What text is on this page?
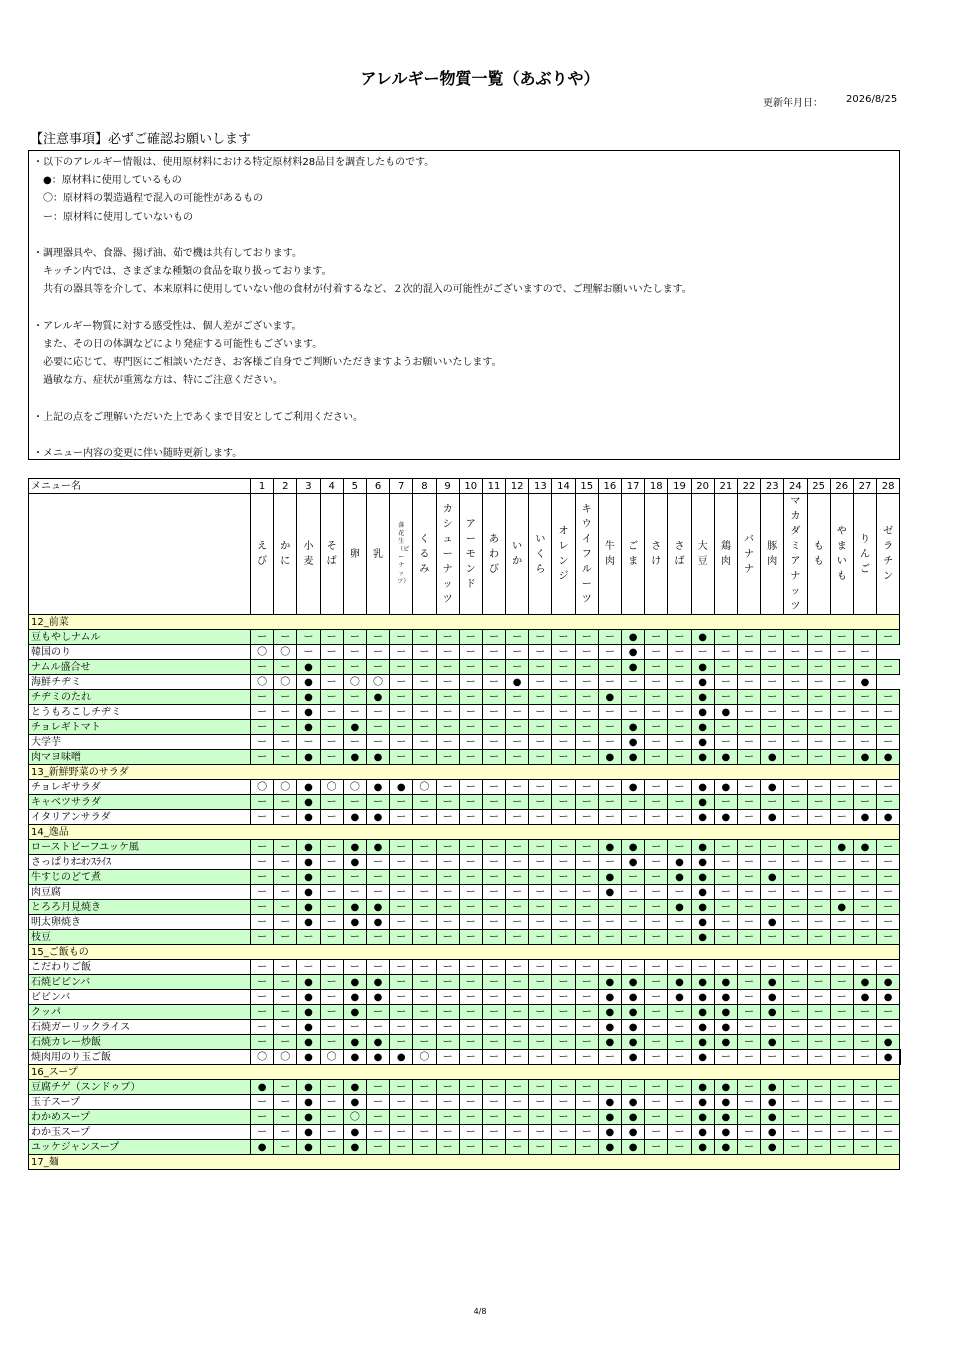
アレルギー物質一覧（あぶりや）
更新年月日： 2026/8/25
【注意事項】必ずご確認お願いします
・以下のアレルギー情報は、使用原材料における特定原材料28品目を調査したものです。
　●：原材料に使用しているもの
　〇：原材料の製造過程で混入の可能性があるもの
　ー：原材料に使用していないもの
・調理器具や、食器、揚げ油、茹で機は共有しております。
　キッチン内では、さまざまな種類の食品を取り扱っております。
　共有の器具等を介して、本来原料に使用していない他の食材が付着するなど、２次的混入の可能性がございますので、ご理解お願いいたします。
・アレルギー物質に対する感受性は、個人差がございます。
　また、その日の体調などにより発症する可能性もございます。
　必要に応じて、専門医にご相談いただき、お客様ご自身でご判断いただきますようお願いいたします。
　過敏な方、症状が重篤な方は、特にご注意ください。
・上記の点をご理解いただいた上であくまで目安としてご利用ください。
・メニュー内容の変更に伴い随時更新します。
メニュー名	1	2	3	4	5	6	7	8	9	10	11	12	13	14	15	16	17	18	19	20	21	22	23	24	25	26	27	28	
	えび	かに	小麦	そば	卵	乳	落花生（ピーナッツ）	くるみ	カシューナッツ	アーモンド	あわび	いか	いくら	オレンジ	キウイフルーツ	牛肉	ごま	さけ	さば	大豆	鶏肉	バナナ	豚肉	マカダミアナッツ	もも	やまいも	りんご	ゼラチン	
12_前菜																													
豆もやしナムル	ー	ー	ー	ー	ー	ー	ー	ー	ー	ー	ー	ー	ー	ー	ー	ー	●	ー	ー	●	ー	ー	ー	ー	ー	ー	ー	ー	
韓国のり	〇	〇	ー	ー	ー	ー	ー	ー	ー	ー	ー	ー	ー	ー	ー	ー	●	ー	ー	ー	ー	ー	ー	ー	ー	ー	ー		
ナムル盛合せ	ー	ー	●	ー	ー	ー	ー	ー	ー	ー	ー	ー	ー	ー	ー	ー	●	ー	ー	●	ー	ー	ー	ー	ー	ー	ー	ー	
海鮮チヂミ	〇	〇	●	ー	〇	〇	ー	ー	ー	ー	ー	●	ー	ー	ー	ー	ー	ー	ー	●	ー	ー	ー	ー	ー	ー	●		
チヂミのたれ	ー	ー	●	ー	ー	●	ー	ー	ー	ー	ー	ー	ー	ー	ー	●	ー	ー	ー	●	ー	ー	ー	ー	ー	ー	ー	ー	
とうもろこしチヂミ	ー	ー	●	ー	ー	ー	ー	ー	ー	ー	ー	ー	ー	ー	ー	ー	ー	ー	ー	●	●	ー	ー	ー	ー	ー	ー	ー	
チョレギトマト	ー	ー	●	ー	●	ー	ー	ー	ー	ー	ー	ー	ー	ー	ー	ー	●	ー	ー	●	ー	ー	ー	ー	ー	ー	ー	ー	
大学芋	ー	ー	ー	ー	ー	ー	ー	ー	ー	ー	ー	ー	ー	ー	ー	ー	●	ー	ー	●	ー	ー	ー	ー	ー	ー	ー	ー	
肉マヨ味噌	ー	ー	●	ー	●	●	ー	ー	ー	ー	ー	ー	ー	ー	ー	●	●	ー	ー	●	●	ー	●	ー	ー	ー	●	●	
13_新鮮野菜のサラダ																													
チョレギサラダ	〇	〇	●	〇	〇	●	●	〇	ー	ー	ー	ー	ー	ー	ー	ー	●	ー	ー	●	●	ー	●	ー	ー	ー	ー	ー	
キャベツサラダ	ー	ー	●	ー	ー	ー	ー	ー	ー	ー	ー	ー	ー	ー	ー	ー	ー	ー	ー	●	ー	ー	ー	ー	ー	ー	ー	ー	
イタリアンサラダ	ー	ー	●	ー	●	●	ー	ー	ー	ー	ー	ー	ー	ー	ー	ー	ー	ー	ー	●	●	ー	●	ー	ー	ー	●	●	
14_逸品																													
ローストビーフユッケ風	ー	ー	●	ー	●	●	ー	ー	ー	ー	ー	ー	ー	ー	ー	●	●	ー	ー	●	ー	ー	ー	ー	ー	●	●	ー	
さっぱりｵﾆｵﾝｽﾗｲｽ	ー	ー	●	ー	●	ー	ー	ー	ー	ー	ー	ー	ー	ー	ー	ー	●	ー	●	●	ー	ー	ー	ー	ー	ー	ー	ー	
牛すじのどて煮	ー	ー	●	ー	ー	ー	ー	ー	ー	ー	ー	ー	ー	ー	ー	●	ー	ー	●	●	ー	ー	●	ー	ー	ー	ー	ー	
肉豆腐	ー	ー	●	ー	ー	ー	ー	ー	ー	ー	ー	ー	ー	ー	ー	●	ー	ー	ー	●	ー	ー	ー	ー	ー	ー	ー	ー	
とろろ月見焼き	ー	ー	●	ー	●	●	ー	ー	ー	ー	ー	ー	ー	ー	ー	ー	ー	ー	●	●	ー	ー	ー	ー	ー	●	ー	ー	
明太卵焼き	ー	ー	●	ー	●	●	ー	ー	ー	ー	ー	ー	ー	ー	ー	ー	ー	ー	ー	●	ー	ー	●	ー	ー	ー	ー	ー	
枝豆	ー	ー	ー	ー	ー	ー	ー	ー	ー	ー	ー	ー	ー	ー	ー	ー	ー	ー	ー	●	ー	ー	ー	ー	ー	ー	ー	ー	
15_ご飯もの																													
こだわりご飯	ー	ー	ー	ー	ー	ー	ー	ー	ー	ー	ー	ー	ー	ー	ー	ー	ー	ー	ー	ー	ー	ー	ー	ー	ー	ー	ー	ー	
石焼ビビンバ	ー	ー	●	ー	●	●	ー	ー	ー	ー	ー	ー	ー	ー	ー	●	●	ー	●	●	●	ー	●	ー	ー	ー	●	●	
ビビンバ	ー	ー	●	ー	●	●	ー	ー	ー	ー	ー	ー	ー	ー	ー	●	●	ー	●	●	●	ー	●	ー	ー	ー	●	●	
クッパ	ー	ー	●	ー	●	ー	ー	ー	ー	ー	ー	ー	ー	ー	ー	●	●	ー	ー	●	●	ー	●	ー	ー	ー	ー	ー	
石焼ガーリックライス	ー	ー	●	ー	ー	ー	ー	ー	ー	ー	ー	ー	ー	ー	ー	●	●	ー	ー	●	●	ー	ー	ー	ー	ー	ー	ー	
石焼カレー炒飯	ー	ー	●	ー	●	●	ー	ー	ー	ー	ー	ー	ー	ー	ー	●	●	ー	ー	●	●	ー	●	ー	ー	ー	ー	●	
焼肉用のり玉ご飯	〇	〇	●	〇	●	●	●	〇	ー	ー	ー	ー	ー	ー	ー	ー	●	ー	ー	●	ー	ー	ー	ー	ー	ー	ー	●	
16_スープ																													
豆腐チゲ（スンドゥブ）	●	ー	●	ー	●	ー	ー	ー	ー	ー	ー	ー	ー	ー	ー	ー	ー	ー	ー	●	●	ー	●	ー	ー	ー	ー	ー	
玉子スープ	ー	ー	●	ー	●	ー	ー	ー	ー	ー	ー	ー	ー	ー	ー	●	●	ー	ー	●	●	ー	●	ー	ー	ー	ー	ー	
わかめスープ	ー	ー	●	ー	〇	ー	ー	ー	ー	ー	ー	ー	ー	ー	ー	●	●	ー	ー	●	●	ー	●	ー	ー	ー	ー	ー	
わか玉スープ	ー	ー	●	ー	●	ー	ー	ー	ー	ー	ー	ー	ー	ー	ー	●	●	ー	ー	●	●	ー	●	ー	ー	ー	ー	ー	
ユッケジャンスープ	●	ー	●	ー	●	ー	ー	ー	ー	ー	ー	ー	ー	ー	ー	●	●	ー	ー	●	●	ー	●	ー	ー	ー	ー	ー	
17_麺																													
4/8
